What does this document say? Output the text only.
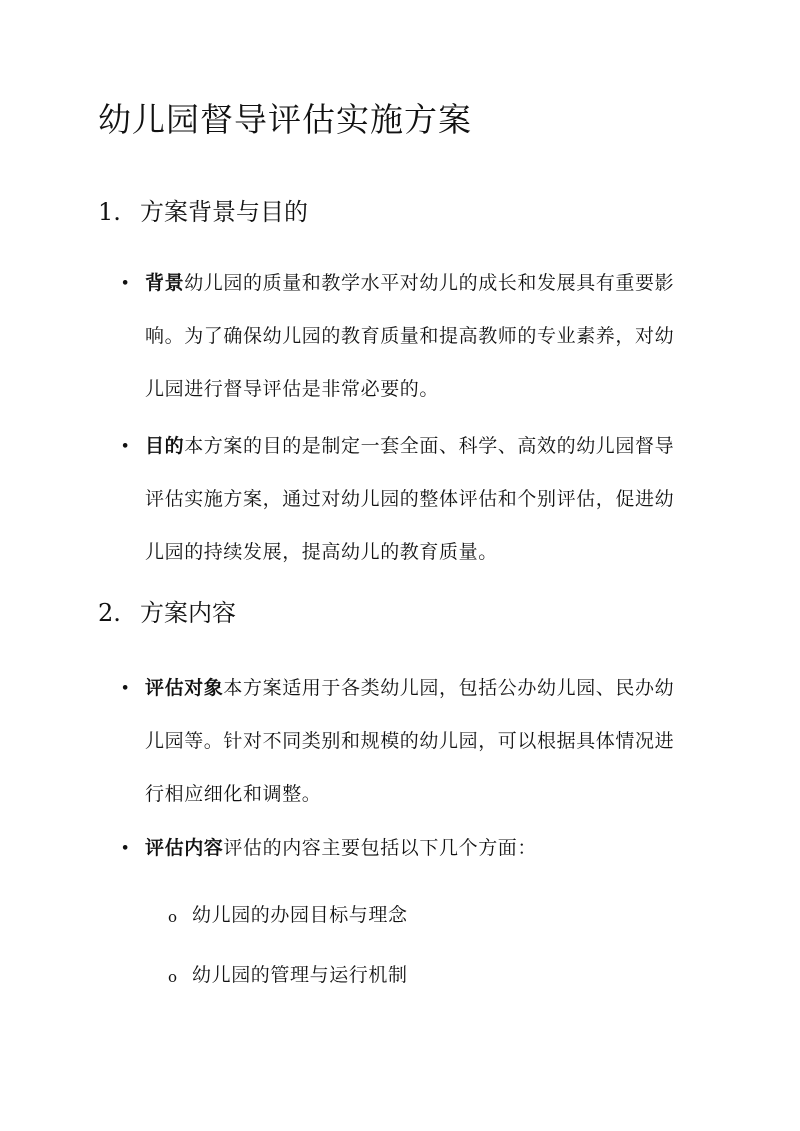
幼儿园督导评估实施方案
1. 方案背景与目的
• 背景幼儿园的质量和教学水平对幼儿的成长和发展具有重要影响。为了确保幼儿园的教育质量和提高教师的专业素养，对幼儿园进行督导评估是非常必要的。
• 目的本方案的目的是制定一套全面、科学、高效的幼儿园督导评估实施方案，通过对幼儿园的整体评估和个别评估，促进幼儿园的持续发展，提高幼儿的教育质量。
2. 方案内容
• 评估对象本方案适用于各类幼儿园，包括公办幼儿园、民办幼儿园等。针对不同类别和规模的幼儿园，可以根据具体情况进行相应细化和调整。
• 评估内容评估的内容主要包括以下几个方面：
o 幼儿园的办园目标与理念
o 幼儿园的管理与运行机制
